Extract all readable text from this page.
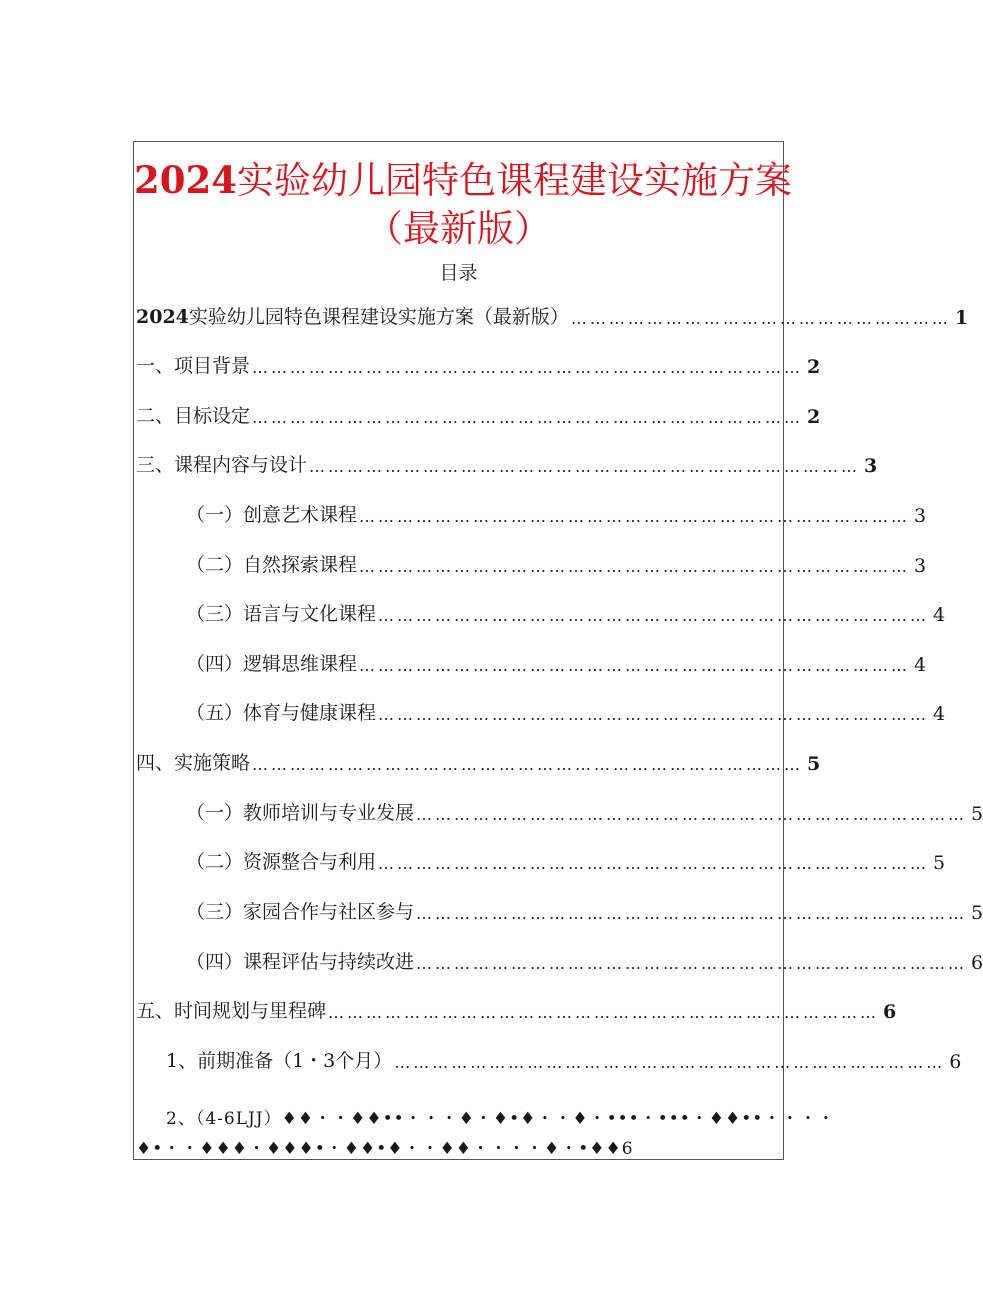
2024实验幼儿园特色课程建设实施方案
（最新版）
目录
2024实验幼儿园特色课程建设实施方案（最新版） …………………………………………………… 1
一、项目背景 …………………………………………………………………………… 2
二、目标设定 …………………………………………………………………………… 2
三、课程内容与设计 …………………………………………………………………………… 3
（一）创意艺术课程 …………………………………………………………………………… 3
（二）自然探索课程 …………………………………………………………………………… 3
（三）语言与文化课程 …………………………………………………………………………… 4
（四）逻辑思维课程 …………………………………………………………………………… 4
（五）体育与健康课程 …………………………………………………………………………… 4
四、实施策略 …………………………………………………………………………… 5
（一）教师培训与专业发展 …………………………………………………………………………… 5
（二）资源整合与利用 …………………………………………………………………………… 5
（三）家园合作与社区参与 …………………………………………………………………………… 5
（四）课程评估与持续改进 …………………………………………………………………………… 6
五、时间规划与里程碑 …………………………………………………………………………… 6
1、前期准备（1・3个月） …………………………………………………………………………… 6
2、（4-6LJJ）♦♦・・♦♦••・・・♦・♦•♦・・♦・•••・•••・♦♦••・・・・
♦•・・♦♦♦・♦♦♦•・♦♦•♦・・♦♦・・・・♦・•♦♦6
